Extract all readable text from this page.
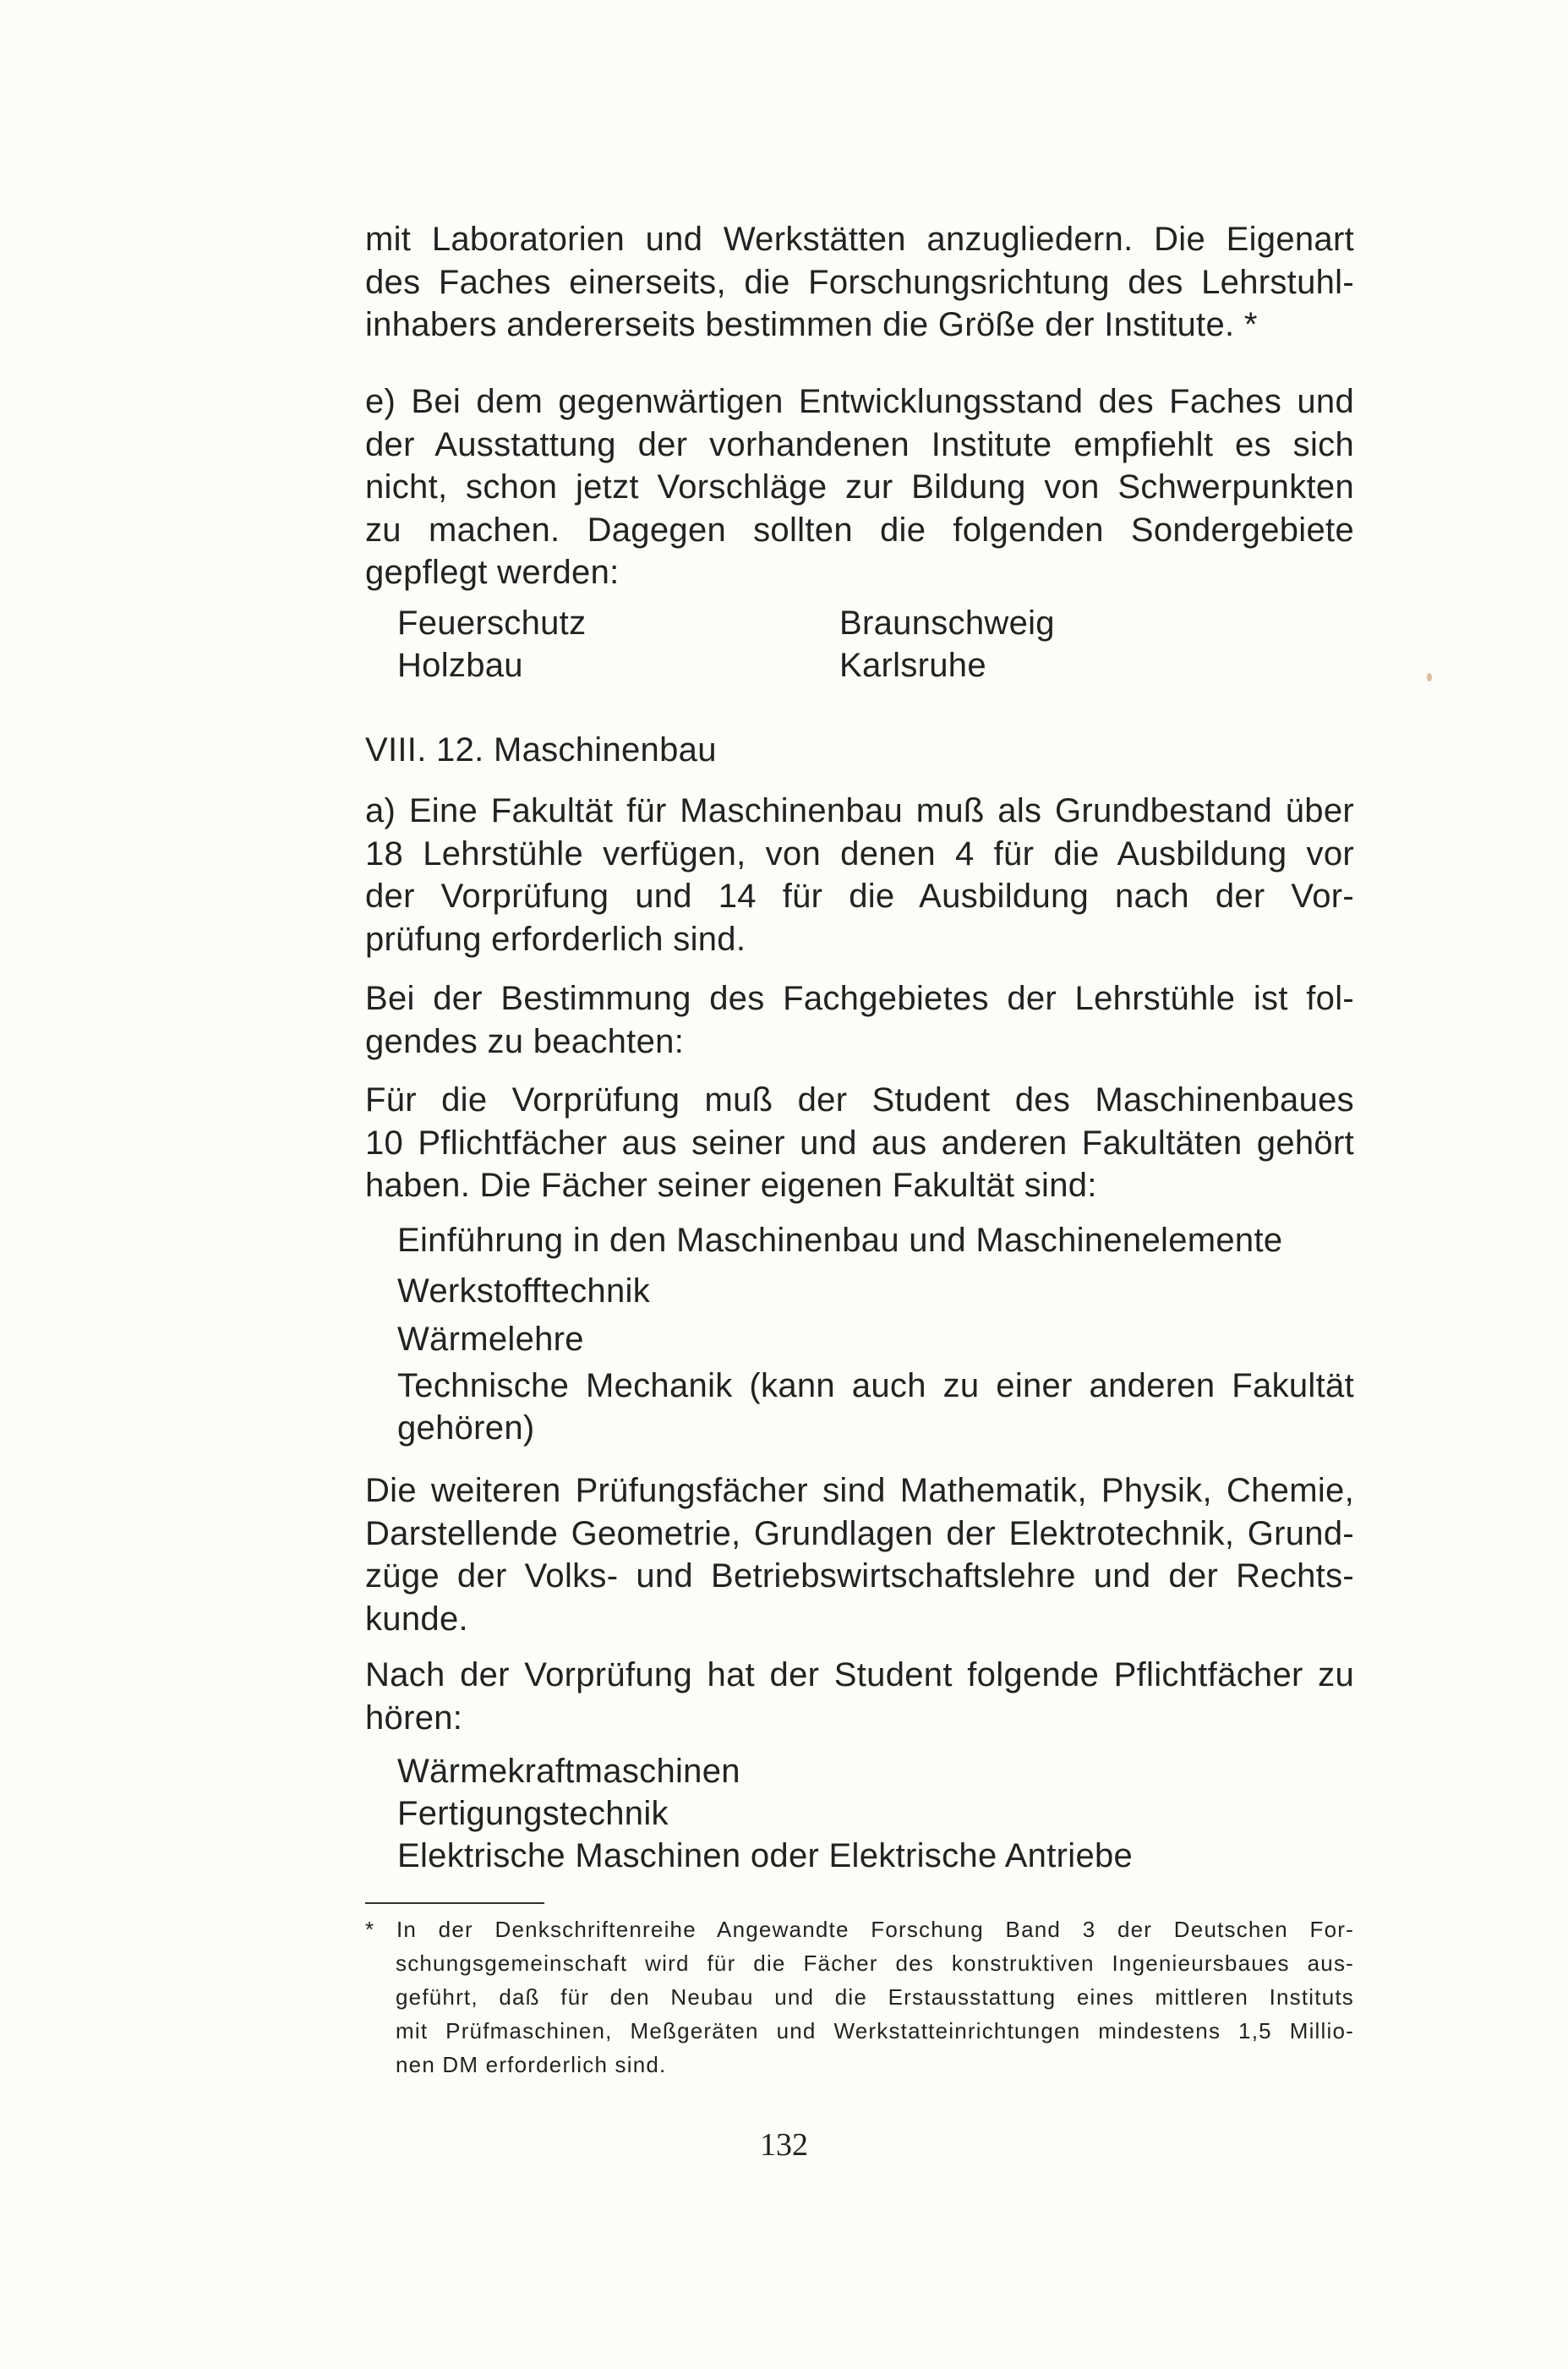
mit Laboratorien und Werkstätten anzugliedern. Die Eigenart
des Faches einerseits, die Forschungsrichtung des Lehrstuhl-
inhabers andererseits bestimmen die Größe der Institute. *
e) Bei dem gegenwärtigen Entwicklungsstand des Faches und
der Ausstattung der vorhandenen Institute empfiehlt es sich
nicht, schon jetzt Vorschläge zur Bildung von Schwerpunkten
zu machen. Dagegen sollten die folgenden Sondergebiete
gepflegt werden:

Feuerschutz	Braunschweig

Holzbau	Karlsruhe

VIII. 12. Maschinenbau

a) Eine Fakultät für Maschinenbau muß als Grundbestand über
18 Lehrstühle verfügen, von denen 4 für die Ausbildung vor
der Vorprüfung und 14 für die Ausbildung nach der Vor-
prüfung erforderlich sind.
Bei der Bestimmung des Fachgebietes der Lehrstühle ist fol-
gendes zu beachten:
Für die Vorprüfung muß der Student des Maschinenbaues
10 Pflichtfächer aus seiner und aus anderen Fakultäten gehört
haben. Die Fächer seiner eigenen Fakultät sind:

Einführung in den Maschinenbau und Maschinenelemente

Werkstofftechnik

Wärmelehre

Technische Mechanik (kann auch zu einer anderen Fakultät

gehören)

Die weiteren Prüfungsfächer sind Mathematik, Physik, Chemie,
Darstellende Geometrie, Grundlagen der Elektrotechnik, Grund-
züge der Volks- und Betriebswirtschaftslehre und der Rechts-
kunde.
Nach der Vorprüfung hat der Student folgende Pflichtfächer zu
hören:

Wärmekraftmaschinen

Fertigungstechnik

Elektrische Maschinen oder Elektrische Antriebe

* In der Denkschriftenreihe Angewandte Forschung Band 3 der Deutschen For-
schungsgemeinschaft wird für die Fächer des konstruktiven Ingenieursbaues aus-
geführt, daß für den Neubau und die Erstausstattung eines mittleren Instituts
mit Prüfmaschinen, Meßgeräten und Werkstatteinrichtungen mindestens 1,5 Millio-
nen DM erforderlich sind.

132
